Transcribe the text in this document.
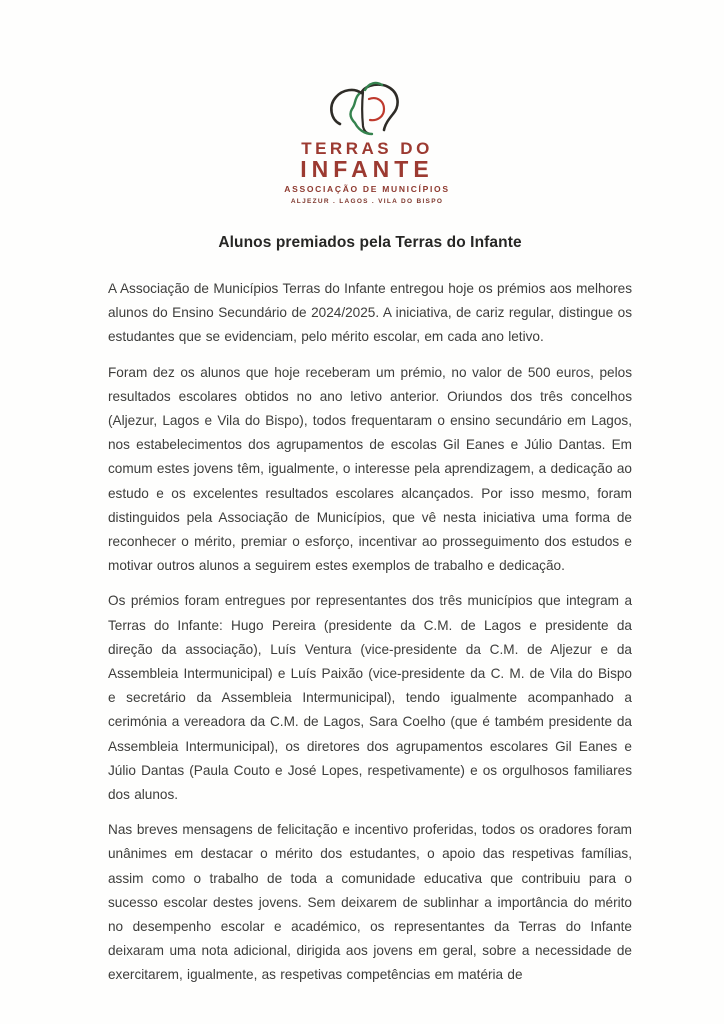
TERRAS DO
INFANTE
ASSOCIAÇÃO DE MUNICÍPIOS
ALJEZUR . LAGOS . VILA DO BISPO
Alunos premiados pela Terras do Infante

A Associação de Municípios Terras do Infante entregou hoje os prémios aos melhores alunos do Ensino Secundário de 2024/2025. A iniciativa, de cariz regular, distingue os estudantes que se evidenciam, pelo mérito escolar, em cada ano letivo.

Foram dez os alunos que hoje receberam um prémio, no valor de 500 euros, pelos resultados escolares obtidos no ano letivo anterior. Oriundos dos três concelhos (Aljezur, Lagos e Vila do Bispo), todos frequentaram o ensino secundário em Lagos, nos estabelecimentos dos agrupamentos de escolas Gil Eanes e Júlio Dantas. Em comum estes jovens têm, igualmente, o interesse pela aprendizagem, a dedicação ao estudo e os excelentes resultados escolares alcançados. Por isso mesmo, foram distinguidos pela Associação de Municípios, que vê nesta iniciativa uma forma de reconhecer o mérito, premiar o esforço, incentivar ao prosseguimento dos estudos e motivar outros alunos a seguirem estes exemplos de trabalho e dedicação.

Os prémios foram entregues por representantes dos três municípios que integram a Terras do Infante: Hugo Pereira (presidente da C.M. de Lagos e presidente da direção da associação), Luís Ventura (vice-presidente da C.M. de Aljezur e da Assembleia Intermunicipal) e Luís Paixão (vice-presidente da C. M. de Vila do Bispo e secretário da Assembleia Intermunicipal), tendo igualmente acompanhado a cerimónia a vereadora da C.M. de Lagos, Sara Coelho (que é também presidente da Assembleia Intermunicipal), os diretores dos agrupamentos escolares Gil Eanes e Júlio Dantas (Paula Couto e José Lopes, respetivamente) e os orgulhosos familiares dos alunos.

Nas breves mensagens de felicitação e incentivo proferidas, todos os oradores foram unânimes em destacar o mérito dos estudantes, o apoio das respetivas famílias, assim como o trabalho de toda a comunidade educativa que contribuiu para o sucesso escolar destes jovens. Sem deixarem de sublinhar a importância do mérito no desempenho escolar e académico, os representantes da Terras do Infante deixaram uma nota adicional, dirigida aos jovens em geral, sobre a necessidade de exercitarem, igualmente, as respetivas competências em matéria de
